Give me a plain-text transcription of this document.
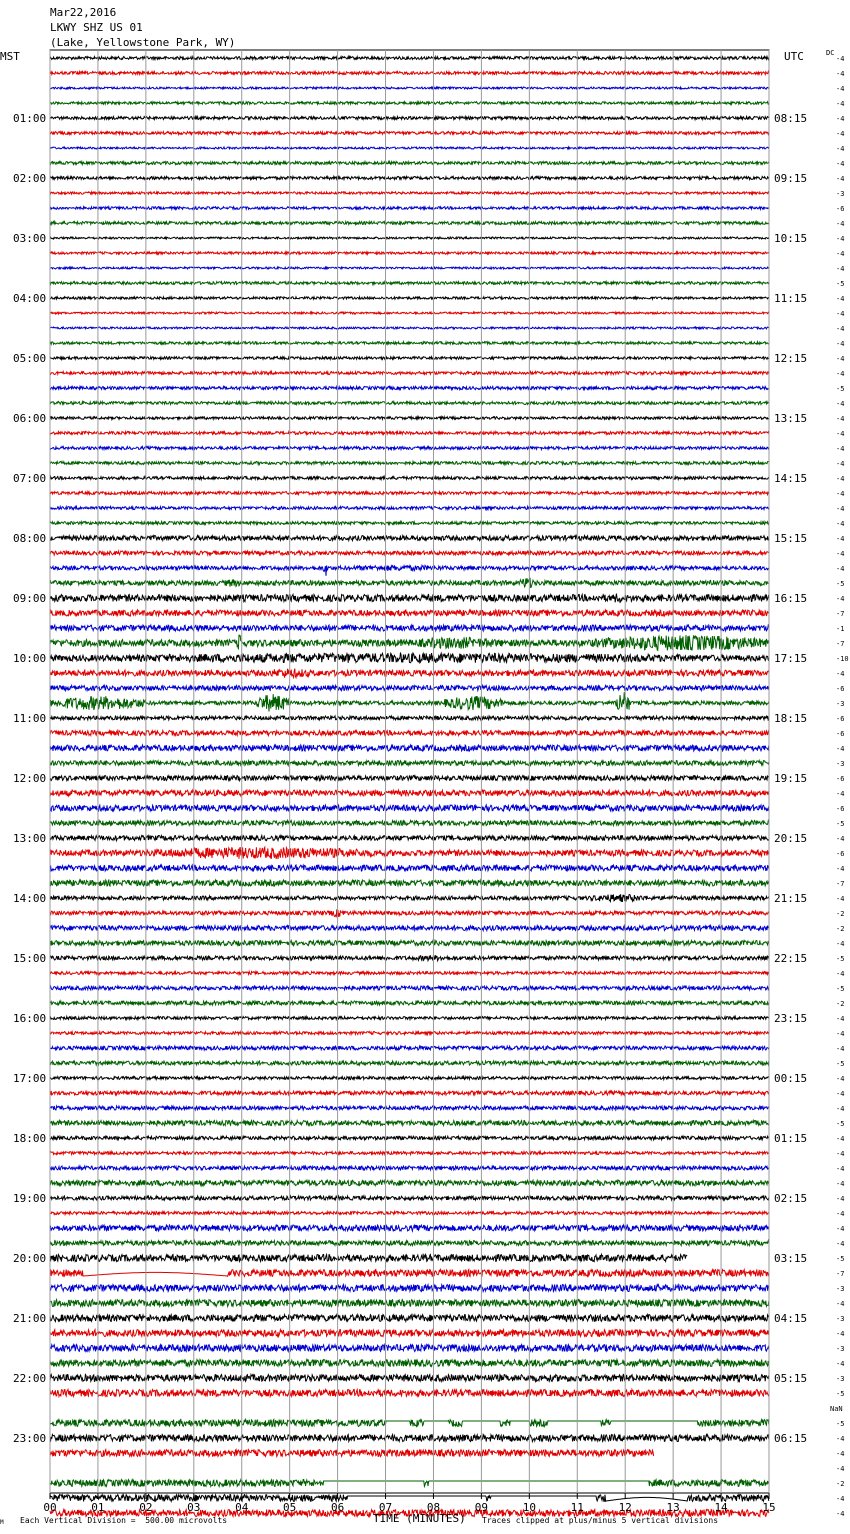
Mar22,2016
LKWY SHZ US 01
(Lake, Yellowstone Park, WY)
MST	UTC	DC
00	01	02	03	04	05	06	07	08	09	10	11	12	13	14	15
01:00
02:00
03:00
04:00
05:00
06:00
07:00
08:00
09:00
10:00
11:00
12:00
13:00
14:00
15:00
16:00
17:00
18:00
19:00
20:00
21:00
22:00
23:00
08:15
09:15
10:15
11:15
12:15
13:15
14:15
15:15
16:15
17:15
18:15
19:15
20:15
21:15
22:15
23:15
00:15
01:15
02:15
03:15
04:15
05:15
06:15
-4
-4
-4
-4
-4
-4
-4
-4
-4
-3
-6
-4
-4
-4
-4
-5
-4
-4
-4
-4
-4
-4
-5
-4
-4
-4
-4
-4
-4
-4
-4
-4
-4
-4
-4
-5
-4
-7
-1
-7
-10
-4
-6
-3
-6
-6
-4
-3
-6
-4
-6
-5
-4
-6
-4
-7
-4
-2
-2
-4
-5
-4
-5
-2
-4
-4
-4
-5
-4
-4
-4
-5
-4
-4
-4
-4
-4
-4
-4
-4
-5
-7
-3
-4
-3
-4
-3
-4
-3
-5
NaN
-5
-4
-4
-4
-2
-4
-4
TIME (MINUTES)
M Each Vertical Division =  500.00 microvolts	Traces clipped at plus/minus 5 vertical divisions
